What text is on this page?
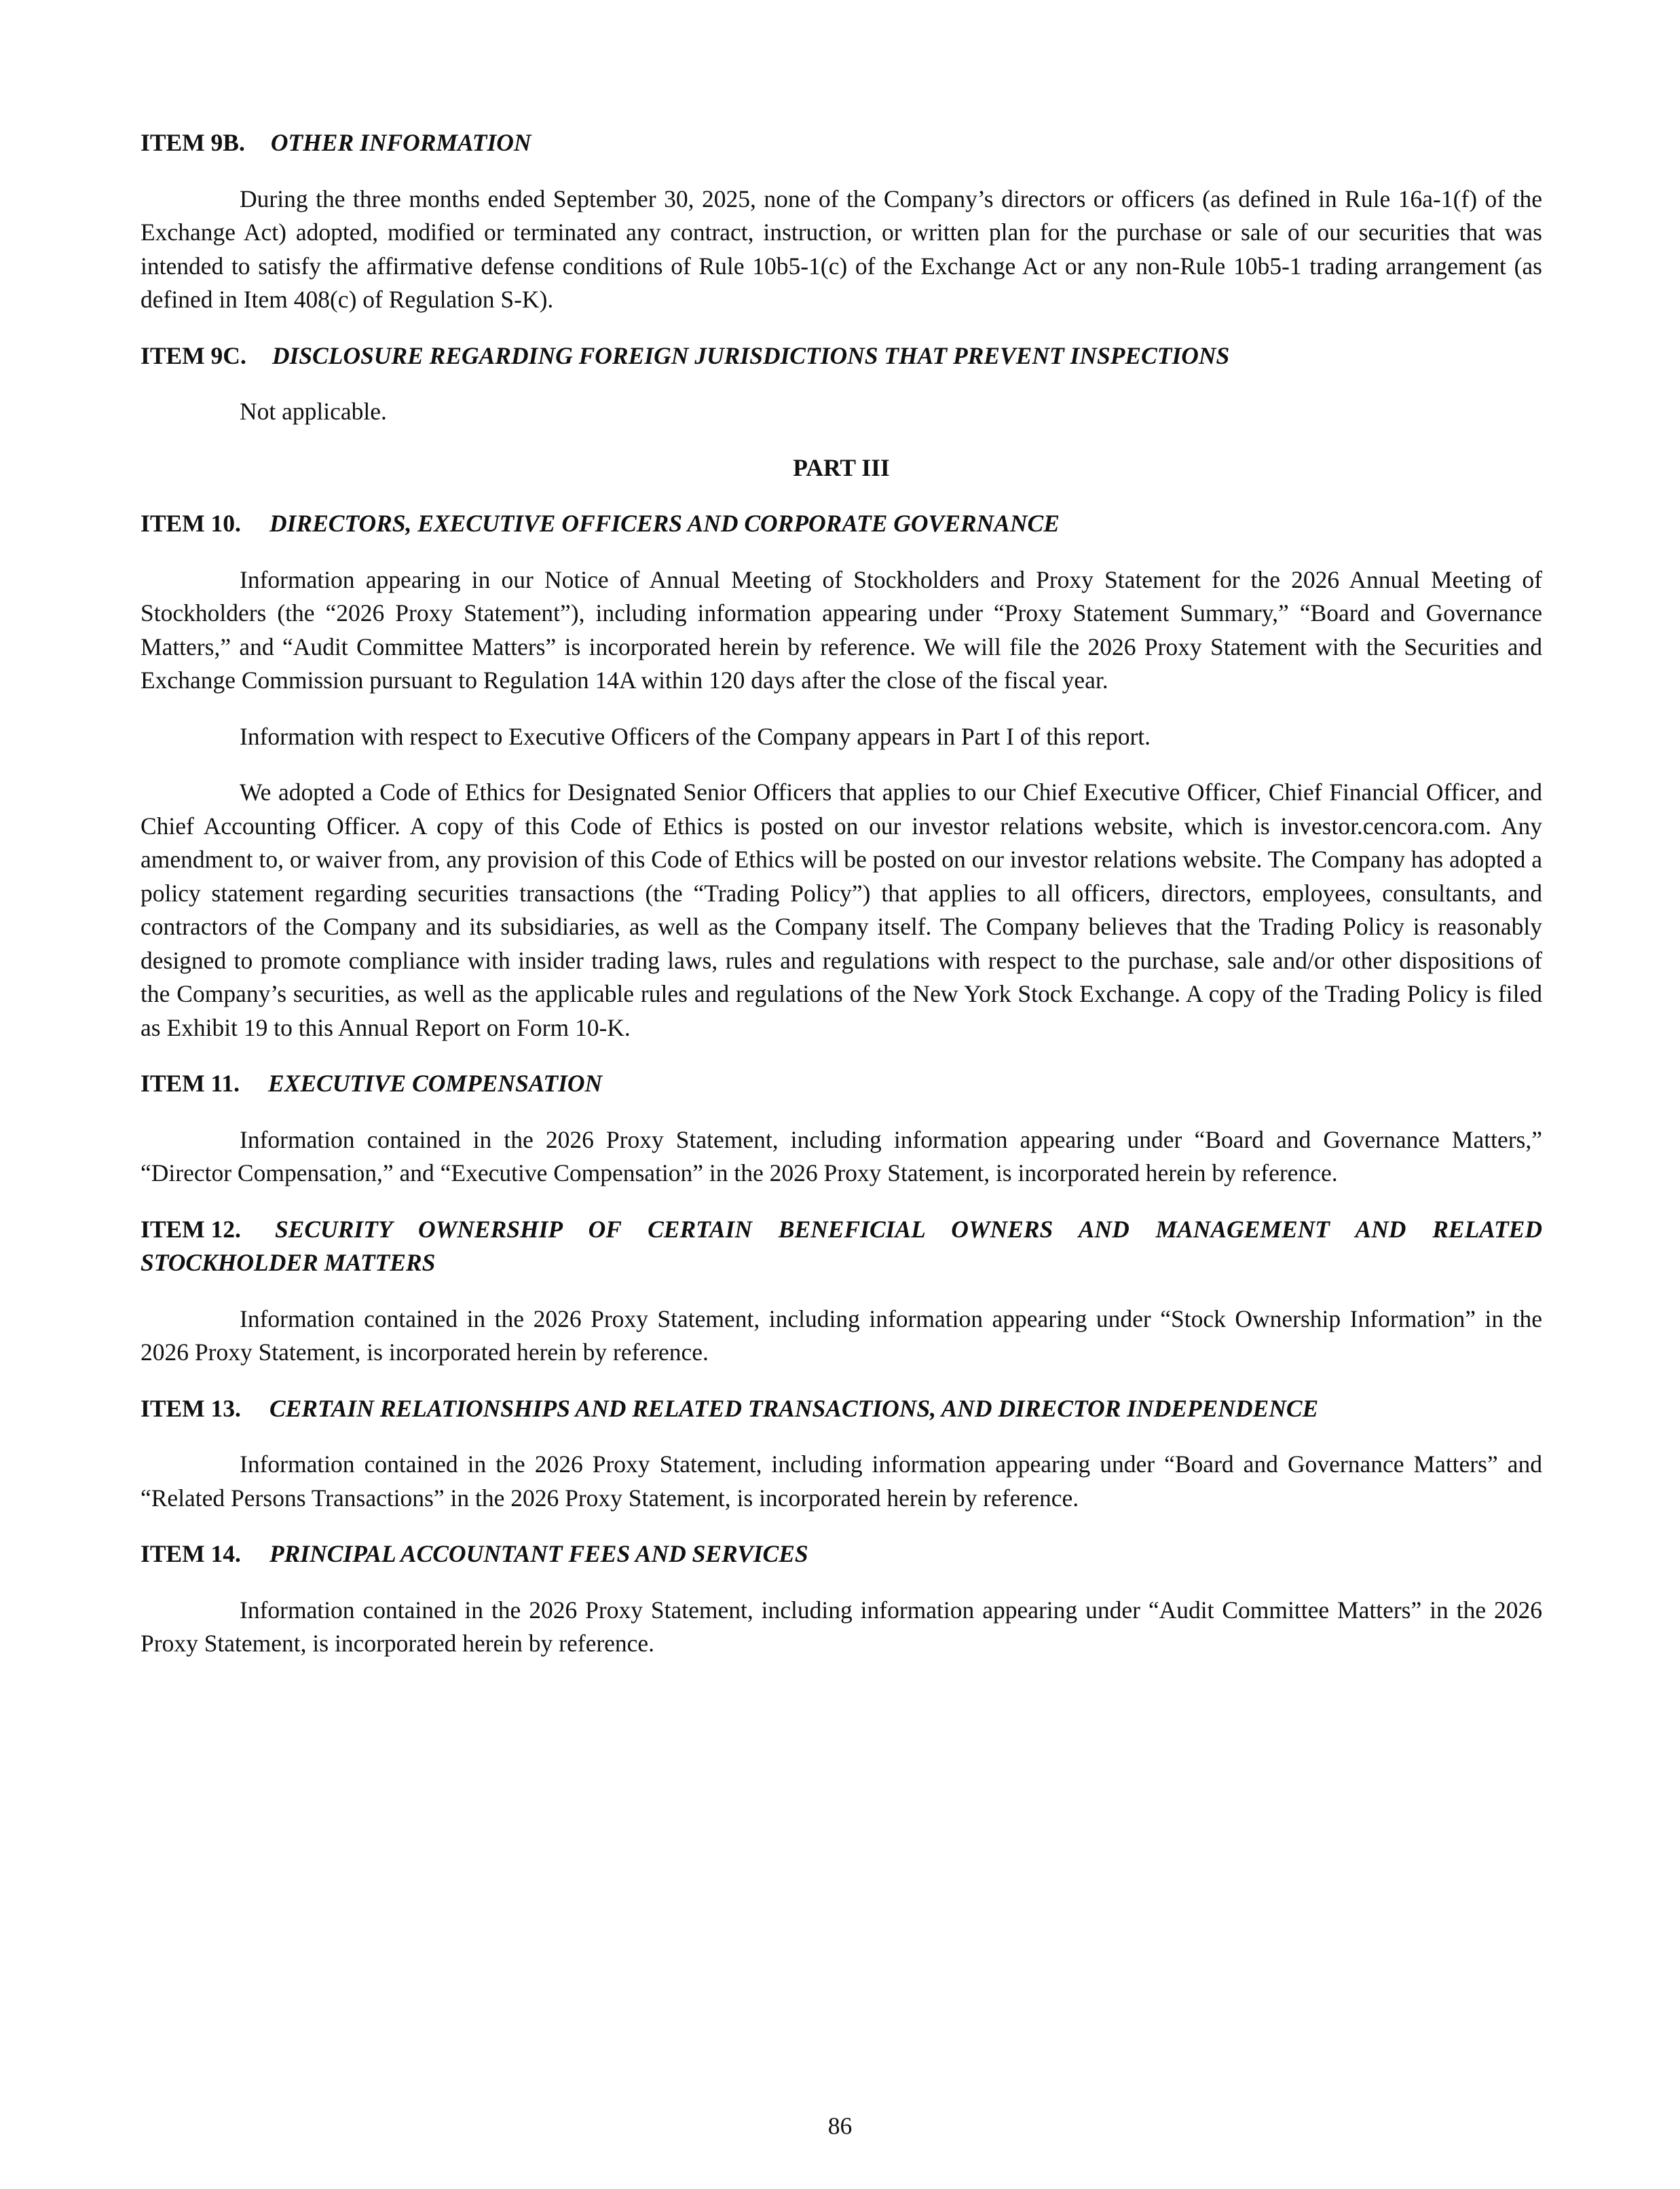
ITEM 9B. OTHER INFORMATION

During the three months ended September 30, 2025, none of the Company’s directors or officers (as defined in Rule 16a-1(f) of the Exchange Act) adopted, modified or terminated any contract, instruction, or written plan for the purchase or sale of our securities that was intended to satisfy the affirmative defense conditions of Rule 10b5-1(c) of the Exchange Act or any non-Rule 10b5-1 trading arrangement (as defined in Item 408(c) of Regulation S-K).

ITEM 9C. DISCLOSURE REGARDING FOREIGN JURISDICTIONS THAT PREVENT INSPECTIONS

Not applicable.

PART III
ITEM 10. DIRECTORS, EXECUTIVE OFFICERS AND CORPORATE GOVERNANCE

Information appearing in our Notice of Annual Meeting of Stockholders and Proxy Statement for the 2026 Annual Meeting of Stockholders (the “2026 Proxy Statement”), including information appearing under “Proxy Statement Summary,” “Board and Governance Matters,” and “Audit Committee Matters” is incorporated herein by reference. We will file the 2026 Proxy Statement with the Securities and Exchange Commission pursuant to Regulation 14A within 120 days after the close of the fiscal year.

Information with respect to Executive Officers of the Company appears in Part I of this report.

We adopted a Code of Ethics for Designated Senior Officers that applies to our Chief Executive Officer, Chief Financial Officer, and Chief Accounting Officer. A copy of this Code of Ethics is posted on our investor relations website, which is investor.cencora.com. Any amendment to, or waiver from, any provision of this Code of Ethics will be posted on our investor relations website. The Company has adopted a policy statement regarding securities transactions (the “Trading Policy”) that applies to all officers, directors, employees, consultants, and contractors of the Company and its subsidiaries, as well as the Company itself. The Company believes that the Trading Policy is reasonably designed to promote compliance with insider trading laws, rules and regulations with respect to the purchase, sale and/or other dispositions of the Company’s securities, as well as the applicable rules and regulations of the New York Stock Exchange. A copy of the Trading Policy is filed as Exhibit 19 to this Annual Report on Form 10-K.

ITEM 11. EXECUTIVE COMPENSATION

Information contained in the 2026 Proxy Statement, including information appearing under “Board and Governance Matters,” “Director Compensation,” and “Executive Compensation” in the 2026 Proxy Statement, is incorporated herein by reference.

ITEM 12. SECURITY OWNERSHIP OF CERTAIN BENEFICIAL OWNERS AND MANAGEMENT AND RELATED STOCKHOLDER MATTERS

Information contained in the 2026 Proxy Statement, including information appearing under “Stock Ownership Information” in the 2026 Proxy Statement, is incorporated herein by reference.

ITEM 13. CERTAIN RELATIONSHIPS AND RELATED TRANSACTIONS, AND DIRECTOR INDEPENDENCE

Information contained in the 2026 Proxy Statement, including information appearing under “Board and Governance Matters” and “Related Persons Transactions” in the 2026 Proxy Statement, is incorporated herein by reference.

ITEM 14. PRINCIPAL ACCOUNTANT FEES AND SERVICES

Information contained in the 2026 Proxy Statement, including information appearing under “Audit Committee Matters” in the 2026 Proxy Statement, is incorporated herein by reference.

86
